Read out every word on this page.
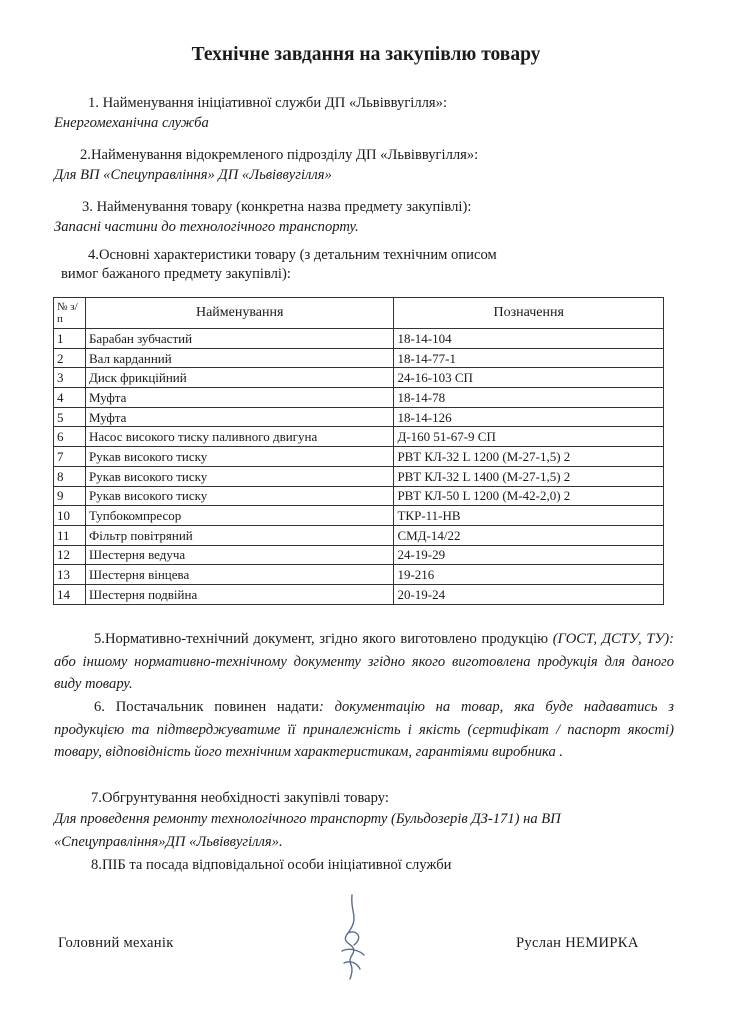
Технічне завдання на закупівлю товару
1. Найменування ініціативної служби ДП «Львіввугілля»:
Енергомеханічна служба
2.Найменування відокремленого підрозділу ДП «Львіввугілля»:
Для ВП «Спецуправління» ДП «Львіввугілля»
3. Найменування товару (конкретна назва предмету закупівлі):
Запасні частини до технологічного транспорту.
4.Основні характеристики товару (з детальним технічним описом
вимог бажаного предмету закупівлі):
№ з/п	Найменування	Позначення
1	Барабан зубчастий	18-14-104
2	Вал карданний	18-14-77-1
3	Диск фрикційний	24-16-103 СП
4	Муфта	18-14-78
5	Муфта	18-14-126
6	Насос високого тиску паливного двигуна	Д-160 51-67-9 СП
7	Рукав високого тиску	РВТ КЛ-32 L 1200 (М-27-1,5) 2
8	Рукав високого тиску	РВТ КЛ-32 L 1400 (М-27-1,5) 2
9	Рукав високого тиску	РВТ КЛ-50 L 1200 (М-42-2,0) 2
10	Тупбокомпресор	ТКР-11-НВ
11	Фільтр повітряний	СМД-14/22
12	Шестерня ведуча	24-19-29
13	Шестерня вінцева	19-216
14	Шестерня подвійна	20-19-24
5.Нормативно-технічний документ, згідно якого виготовлено продукцію (ГОСТ, ДСТУ, ТУ): або іншому нормативно-технічному документу згідно якого виготовлена продукція для даного виду товару.
6. Постачальник повинен надати: документацію на товар, яка буде надаватись з продукцією та підтверджуватиме її приналежність і якість (сертифікат / паспорт якості) товару, відповідність його технічним характеристикам, гарантіями виробника .
7.Обгрунтування необхідності закупівлі товару:
Для проведення ремонту технологічного транспорту (Бульдозерів ДЗ-171) на ВП «Спецуправління»ДП «Львіввугілля».
8.ПІБ та посада відповідальної особи ініціативної служби
Головний механік	Руслан НЕМИРКА
